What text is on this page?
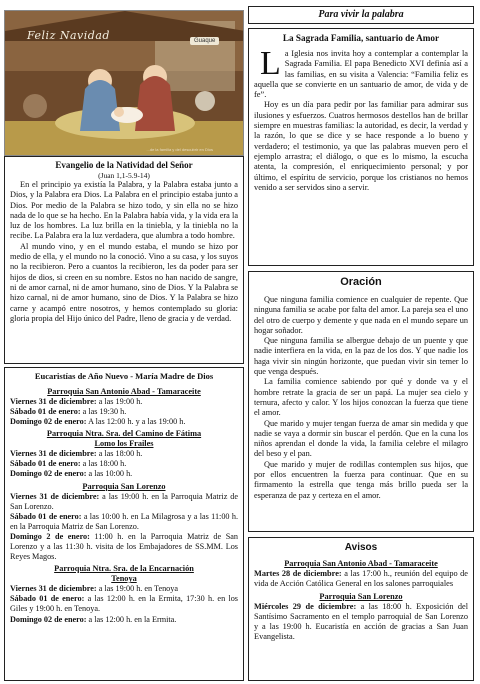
Para vivir la palabra
Feliz Navidad	Guaque
...de la familia y del descubrir en Dios
Evangelio de la Natividad del Señor
(Juan 1,1-5.9-14)

En el principio ya existía la Palabra, y la Palabra estaba junto a Dios, y la Palabra era Dios. La Palabra en el principio estaba junto a Dios. Por medio de la Palabra se hizo todo, y sin ella no se hizo nada de lo que se ha hecho. En la Palabra había vida, y la vida era la luz de los hombres. La luz brilla en la tiniebla, y la tiniebla no la recibe. La Palabra era la luz verdadera, que alumbra a todo hombre.

Al mundo vino, y en el mundo estaba, el mundo se hizo por medio de ella, y el mundo no la conoció. Vino a su casa, y los suyos no la recibieron. Pero a cuantos la recibieron, les da poder para ser hijos de dios, si creen en su nombre. Estos no han nacido de sangre, ni de amor carnal, ni de amor humano, sino de Dios. Y la Palabra se hizo carnal, ni de amor humano, sino de Dios. Y la Palabra se hizo carne y acampó entre nosotros, y hemos contemplado su gloria: gloria propia del Hijo único del Padre, lleno de gracia y de verdad.

Eucaristías de Año Nuevo - María Madre de Dios
Parroquia San Antonio Abad - Tamaraceite

Viernes 31 de diciembre: a las 19:00 h.

Sábado 01 de enero: a las 19:30 h.

Domingo 02 de enero: A las 12:00 h. y a las 19:00 h.

Parroquia Ntra. Sra. del Camino de Fátima
Lomo los Frailes

Viernes 31 de diciembre: a las 18:00 h.

Sábado 01 de enero: a las 18:00 h.

Domingo 02 de enero: a las 10:00 h.

Parroquia San Lorenzo

Viernes 31 de diciembre: a las 19:00 h. en la Parroquia Matriz de San Lorenzo.

Sábado 01 de enero: a las 10:00 h. en La Milagrosa y a las 11:00 h. en la Parroquia Matriz de San Lorenzo.

Domingo 2 de enero: 11:00 h. en la Parroquia Matriz de San Lorenzo y a las 11:30 h. visita de los Embajadores de SS.MM. Los Reyes Magos.

Parroquia Ntra. Sra. de la Encarnación
Tenoya

Viernes 31 de diciembre: a las 19:00 h. en Tenoya

Sábado 01 de enero: a las 12:00 h. en la Ermita, 17:30 h. en los Giles y 19:00 h. en Tenoya.

Domingo 02 de enero: a las 12:00 h. en la Ermita.

La Sagrada Familia, santuario de Amor

La Iglesia nos invita hoy a contemplar a contemplar la Sagrada Familia. El papa Benedicto XVI definía así a las familias, en su visita a Valencia: “Familia feliz es aquella que se convierte en un santuario de amor, de vida y de fe”.

Hoy es un día para pedir por las familiar para admirar sus ilusiones y esfuerzos. Cuatros hermosos destellos han de brillar siempre en muestras familias: la autoridad, es decir, la verdad y la razón, lo que se dice y se hace responde a lo bueno y verdadero; el testimonio, ya que las palabras mueven pero el ejemplo arrastra; el diálogo, o que es lo mismo, la escucha atenta, la compresión, el enriquecimiento personal; y por último, el espíritu de servicio, porque los cristianos no hemos venido a ser servidos sino a servir.

Oración

Que ninguna familia comience en cualquier de repente. Que ninguna familia se acabe por falta del amor. La pareja sea el uno del otro de cuerpo y demente y que nada en el mundo separe un hogar soñador.

Que ninguna familia se albergue debajo de un puente y que nadie interfiera en la vida, en la paz de los dos. Y que nadie los haga vivir sin ningún horizonte, que puedan vivir sin temer lo que venga después.

La familia comience sabiendo por qué y donde va y el hombre retrate la gracia de ser un papá. La mujer sea cielo y ternura, afecto y calor. Y los hijos conozcan la fuerza que tiene el amor.

Que marido y mujer tengan fuerza de amar sin medida y que nadie se vaya a dormir sin buscar el perdón. Que en la cuna los niños aprendan el donde la vida, la familia celebre el milagro del beso y el pan.

Que marido y mujer de rodillas contemplen sus hijos, que por ellos encuentren la fuerza para continuar. Que en su firmamento la estrella que tenga más brillo pueda ser la esperanza de paz y certeza en el amor.

Avisos
Parroquia San Antonio Abad - Tamaraceite

Martes 28 de diciembre: a las 17:00 h., reunión del equipo de vida de Acción Católica General en los salones parroquiales

Parroquia San Lorenzo

Miércoles 29 de diciembre: a las 18:00 h. Exposición del Santísimo Sacramento en el templo parroquial de San Lorenzo y a las 19:00 h. Eucaristía en acción de gracias a San Juan Evangelista.
